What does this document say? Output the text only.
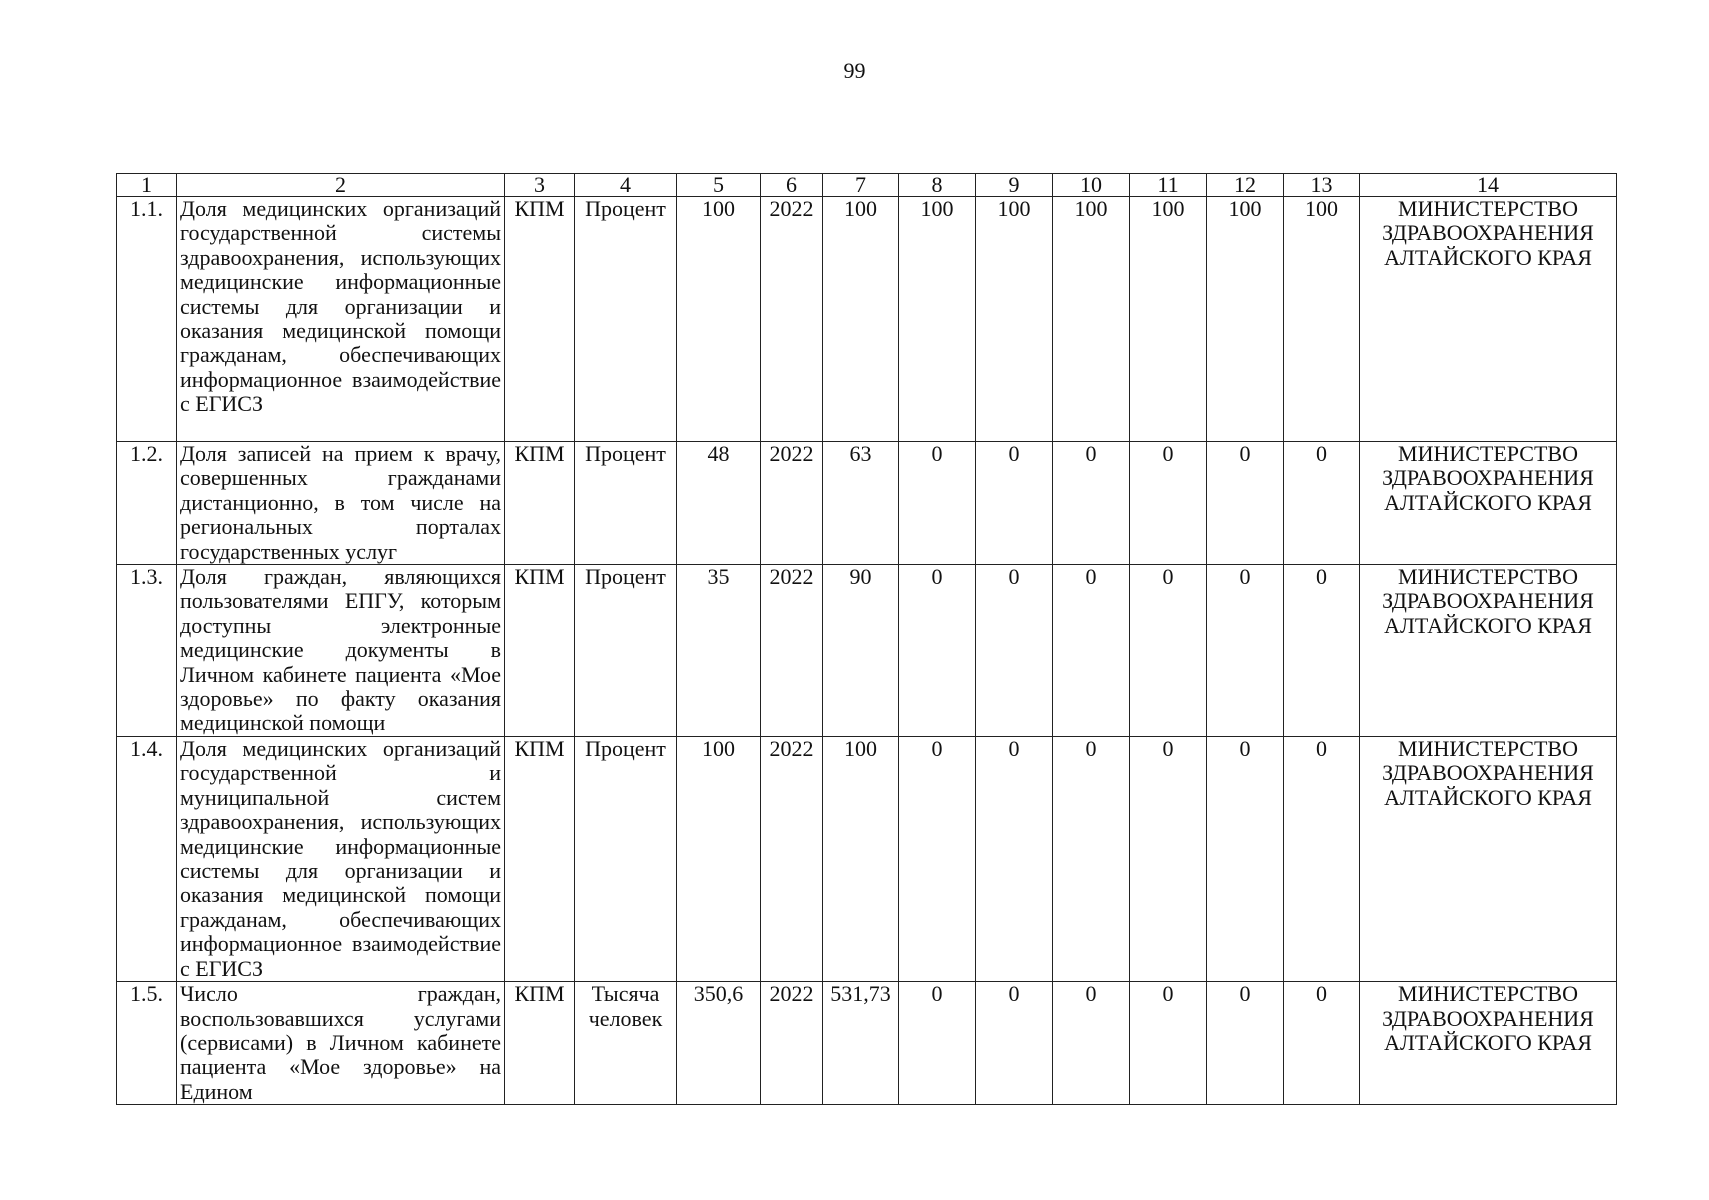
99
1	2	3	4	5	6	7	8	9	10	11	12	13	14
1.1.	Доля медицинских организаций государственной системы здравоохранения, использующих медицинские информационные системы для организации и оказания медицинской помощи гражданам, обеспечивающих информационное взаимодействие с ЕГИСЗ	КПМ	Процент	100	2022	100	100	100	100	100	100	100	МИНИСТЕРСТВО ЗДРАВООХРАНЕНИЯ АЛТАЙСКОГО КРАЯ
1.2.	Доля записей на прием к врачу, совершенных гражданами дистанционно, в том числе на региональных порталах государственных услуг	КПМ	Процент	48	2022	63	0	0	0	0	0	0	МИНИСТЕРСТВО ЗДРАВООХРАНЕНИЯ АЛТАЙСКОГО КРАЯ
1.3.	Доля граждан, являющихся пользователями ЕПГУ, которым доступны электронные медицинские документы в Личном кабинете пациента «Мое здоровье» по факту оказания медицинской помощи	КПМ	Процент	35	2022	90	0	0	0	0	0	0	МИНИСТЕРСТВО ЗДРАВООХРАНЕНИЯ АЛТАЙСКОГО КРАЯ
1.4.	Доля медицинских организаций государственной и муниципальной систем здравоохранения, использующих медицинские информационные системы для организации и оказания медицинской помощи гражданам, обеспечивающих информационное взаимодействие с ЕГИСЗ	КПМ	Процент	100	2022	100	0	0	0	0	0	0	МИНИСТЕРСТВО ЗДРАВООХРАНЕНИЯ АЛТАЙСКОГО КРАЯ
1.5.	Число граждан, воспользовавшихся услугами (сервисами) в Личном кабинете пациента «Мое здоровье» на Едином	КПМ	Тысяча человек	350,6	2022	531,73	0	0	0	0	0	0	МИНИСТЕРСТВО ЗДРАВООХРАНЕНИЯ АЛТАЙСКОГО КРАЯ
